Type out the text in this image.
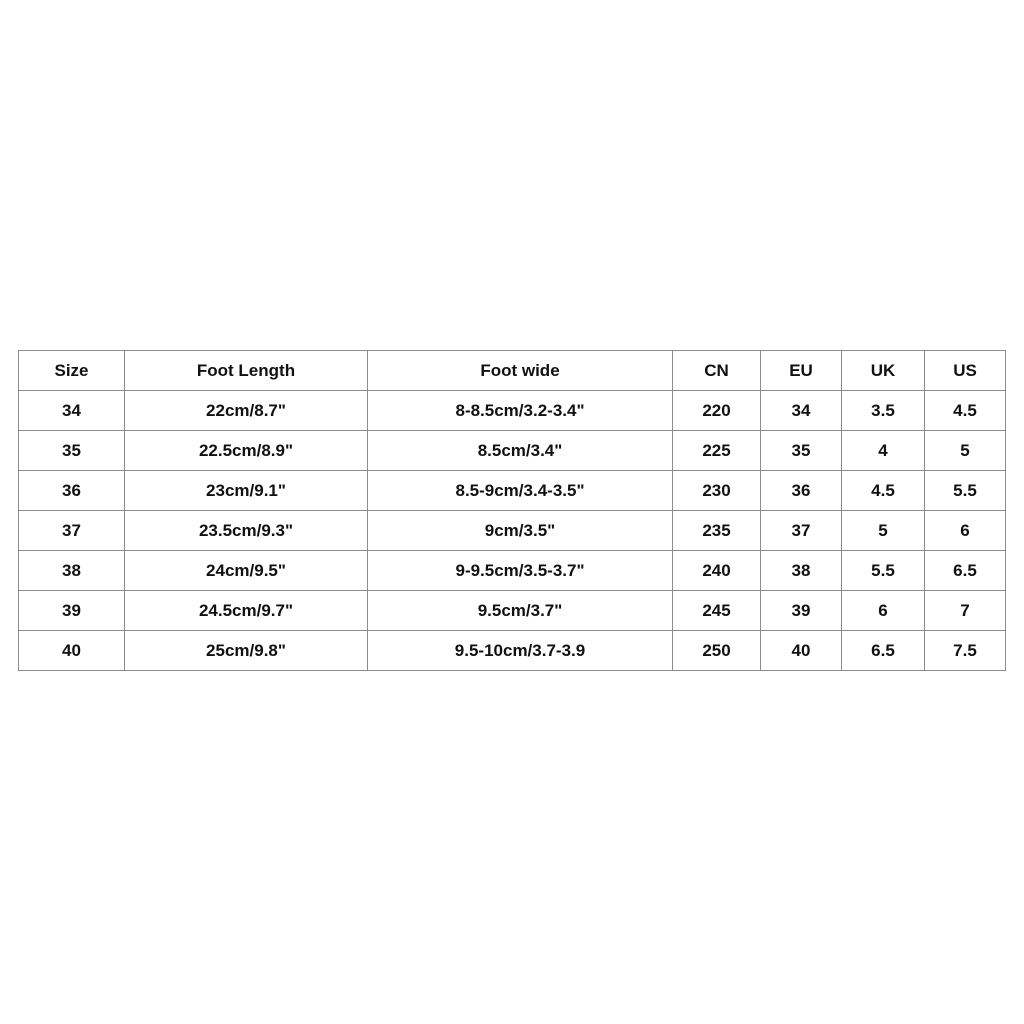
Size	Foot Length	Foot wide	CN	EU	UK	US
34	22cm/8.7"	8-8.5cm/3.2-3.4"	220	34	3.5	4.5
35	22.5cm/8.9"	8.5cm/3.4"	225	35	4	5
36	23cm/9.1"	8.5-9cm/3.4-3.5"	230	36	4.5	5.5
37	23.5cm/9.3"	9cm/3.5"	235	37	5	6
38	24cm/9.5"	9-9.5cm/3.5-3.7"	240	38	5.5	6.5
39	24.5cm/9.7"	9.5cm/3.7"	245	39	6	7
40	25cm/9.8"	9.5-10cm/3.7-3.9	250	40	6.5	7.5
